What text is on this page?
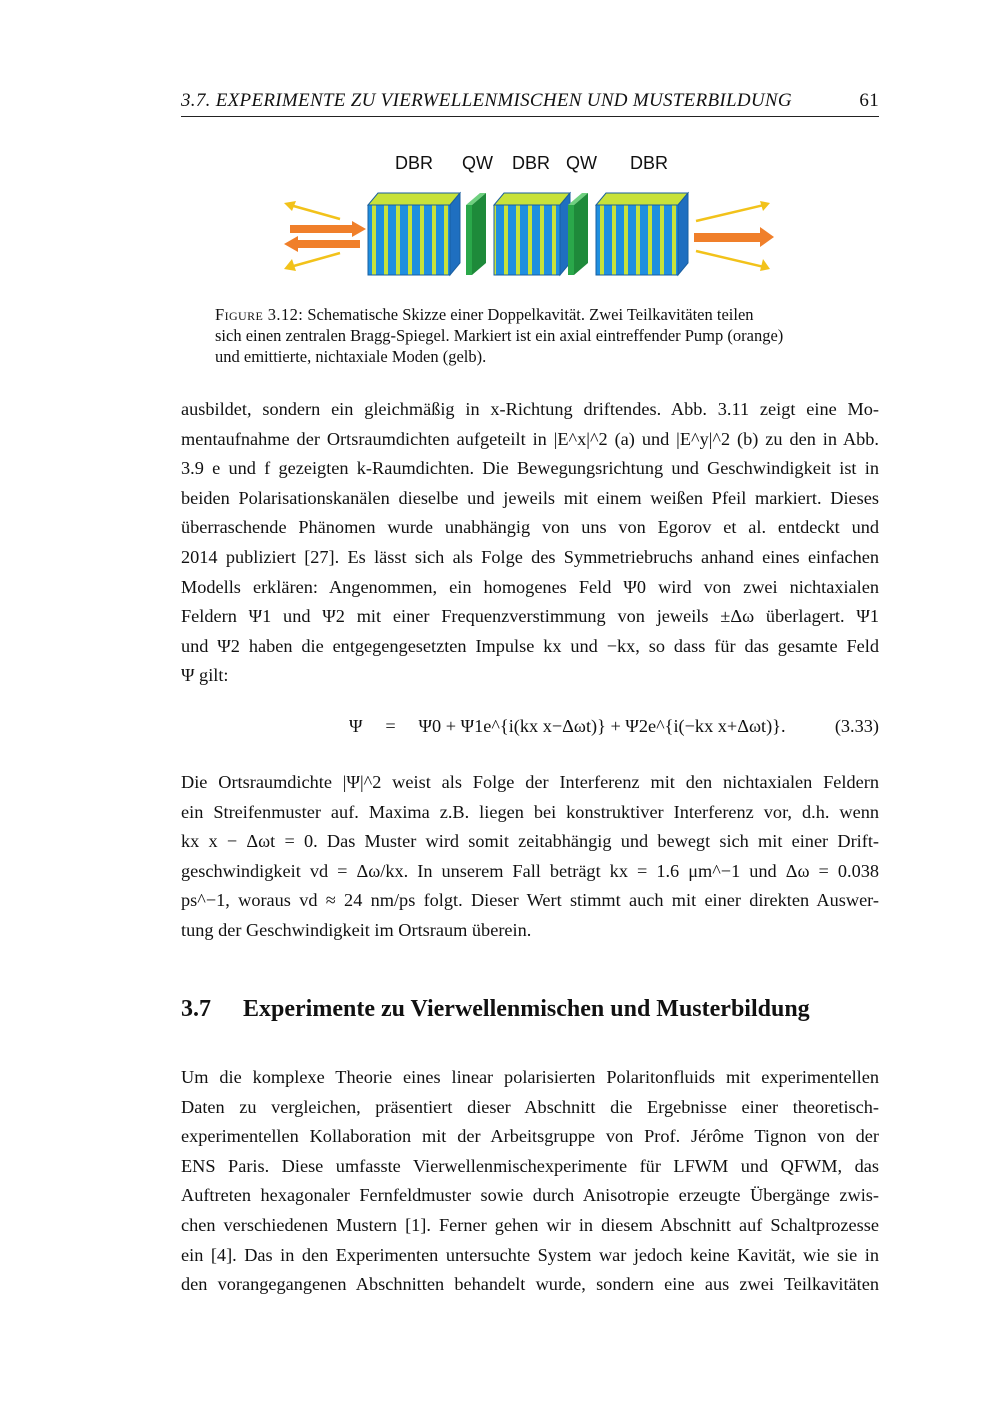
3.7. EXPERIMENTE ZU VIERWELLENMISCHEN UND MUSTERBILDUNG	61
DBR QW DBR QW DBR
Figure 3.12: Schematische Skizze einer Doppelkavität. Zwei Teilkavitäten teilen
sich einen zentralen Bragg-Spiegel. Markiert ist ein axial eintreffender Pump (orange)
und emittierte, nichtaxiale Moden (gelb).
ausbildet, sondern ein gleichmäßig in x-Richtung driftendes. Abb. 3.11 zeigt eine Mo-
mentaufnahme der Ortsraumdichten aufgeteilt in |E^x|^2 (a) und |E^y|^2 (b) zu den in Abb.
3.9 e und f gezeigten k-Raumdichten. Die Bewegungsrichtung und Geschwindigkeit ist in
beiden Polarisationskanälen dieselbe und jeweils mit einem weißen Pfeil markiert. Dieses
überraschende Phänomen wurde unabhängig von uns von Egorov et al. entdeckt und
2014 publiziert [27]. Es lässt sich als Folge des Symmetriebruchs anhand eines einfachen
Modells erklären: Angenommen, ein homogenes Feld Ψ0 wird von zwei nichtaxialen
Feldern Ψ1 und Ψ2 mit einer Frequenzverstimmung von jeweils ±Δω überlagert. Ψ1
und Ψ2 haben die entgegengesetzten Impulse kx und −kx, so dass für das gesamte Feld
Ψ gilt:
Ψ = Ψ0 + Ψ1e^{i(kx x−Δωt)} + Ψ2e^{i(−kx x+Δωt)}.	(3.33)
Die Ortsraumdichte |Ψ|^2 weist als Folge der Interferenz mit den nichtaxialen Feldern
ein Streifenmuster auf. Maxima z.B. liegen bei konstruktiver Interferenz vor, d.h. wenn
kx x − Δωt = 0. Das Muster wird somit zeitabhängig und bewegt sich mit einer Drift-
geschwindigkeit vd = Δω/kx. In unserem Fall beträgt kx = 1.6 μm^−1 und Δω = 0.038
ps^−1, woraus vd ≈ 24 nm/ps folgt. Dieser Wert stimmt auch mit einer direkten Auswer-
tung der Geschwindigkeit im Ortsraum überein.
3.7 Experimente zu Vierwellenmischen und Musterbildung
Um die komplexe Theorie eines linear polarisierten Polaritonfluids mit experimentellen
Daten zu vergleichen, präsentiert dieser Abschnitt die Ergebnisse einer theoretisch-
experimentellen Kollaboration mit der Arbeitsgruppe von Prof. Jérôme Tignon von der
ENS Paris. Diese umfasste Vierwellenmischexperimente für LFWM und QFWM, das
Auftreten hexagonaler Fernfeldmuster sowie durch Anisotropie erzeugte Übergänge zwis-
chen verschiedenen Mustern [1]. Ferner gehen wir in diesem Abschnitt auf Schaltprozesse
ein [4]. Das in den Experimenten untersuchte System war jedoch keine Kavität, wie sie in
den vorangegangenen Abschnitten behandelt wurde, sondern eine aus zwei Teilkavitäten
